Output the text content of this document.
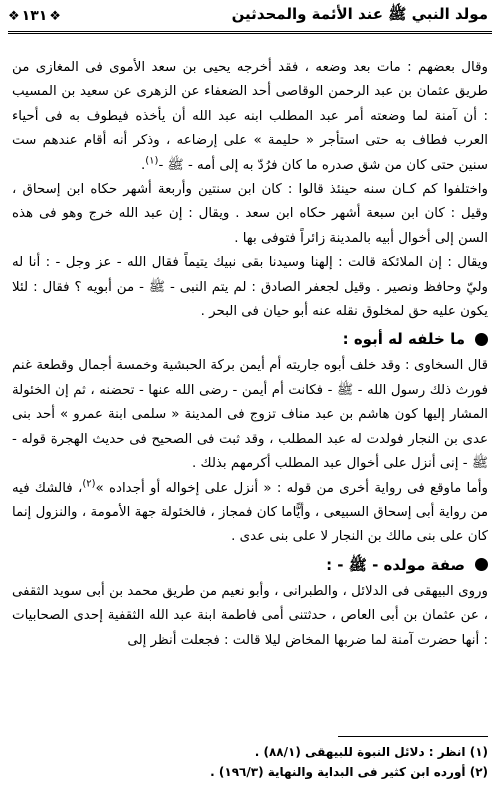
مولد النبي ﷺ عند الأئمة والمحدثين
❖ ١٣١ ❖

وقال بعضهم : مات بعد وضعه ، فقد أخرجه يحيى بن سعد الأموى فى المغازى من طريق عثمان بن عبد الرحمن الوقاصى أحد الضعفاء عن الزهرى عن سعيد بن المسيب : أن آمنة لما وضعته أمر عبد المطلب ابنه عبد الله أن يأخذه فيطوف به فى أحياء العرب فطاف به حتى استأجر « حليمة » على إرضاعه ، وذكر أنه أقام عندهم ست سنين حتى كان من شق صدره ما كان فرُدّ به إلى أمه - ﷺ -$^{(١)}$.

واختلفوا كم كـان سنه حينئذ قالوا : كان ابن سنتين وأربعة أشهر حكاه ابن إسحاق ، وقيل : كان ابن سبعة أشهر حكاه ابن سعد . ويقال : إن عبد الله خرج وهو فى هذه السن إلى أخوال أبيه بالمدينة زائراً فتوفى بها .

ويقال : إن الملائكة قالت : إلهنا وسيدنا بقى نبيك يتيماً فقال الله - عز وجل - : أنا له وليّ وحافظ ونصير . وقيل لجعفر الصادق : لم يتم النبى - ﷺ - من أبويه ؟ فقال : لئلا يكون عليه حق لمخلوق نقله عنه أبو حيان فى البحر .

ما خلفه له أبوه :

قال السخاوى : وقد خلف أبوه جاريته أم أيمن بركة الحبشية وخمسة أجمال وقطعة غنم فورث ذلك رسول الله - ﷺ - فكانت أم أيمن - رضى الله عنها - تحضنه ، ثم إن الخئولة المشار إليها كون هاشم بن عبد مناف تزوج فى المدينة « سلمى ابنة عمرو » أحد بنى عدى بن النجار فولدت له عبد المطلب ، وقد ثبت فى الصحيح فى حديث الهجرة قوله - ﷺ - إنى أنزل على أخوال عبد المطلب أكرمهم بذلك .

وأما ماوقع فى رواية أخرى من قوله : « أنزل على إخواله أو أجداده »$^{(٢)}$، فالشك فيه من رواية أبى إسحاق السبيعى ، وأيًّاما كان فمجاز ، فالخئولة جهة الأمومة ، والنزول إنما كان على بنى مالك بن النجار لا على بنى عدى .

صفة مولده - ﷺ - :

وروى البيهقى فى الدلائل ، والطبرانى ، وأبو نعيم من طريق محمد بن أبى سويد الثقفى ، عن عثمان بن أبى العاص ، حدثتنى أمى فاطمة ابنة عبد الله الثقفية إحدى الصحابيات : أنها حضرت آمنة لما ضربها المخاض ليلا قالت : فجعلت أنظر إلى

(١) انظر : دلائل النبوة للبيهقى (٨٨/١) .

(٢) أورده ابن كثير فى البداية والنهاية (١٩٦/٣) .
